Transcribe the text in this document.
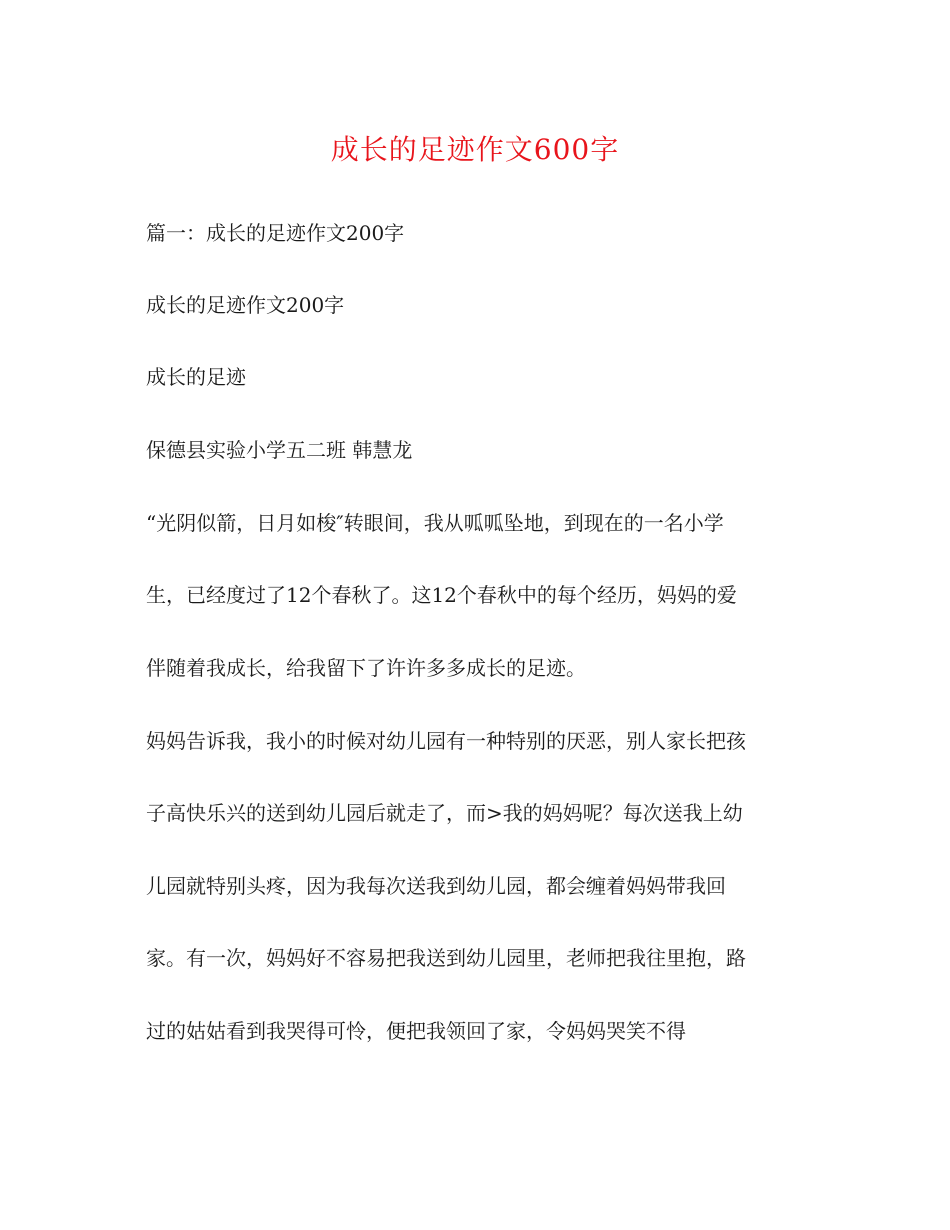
成长的足迹作文600字
篇一：成长的足迹作文200字
成长的足迹作文200字
成长的足迹
保德县实验小学五二班 韩慧龙
“光阴似箭，日月如梭″转眼间，我从呱呱坠地，到现在的一名小学
生，已经度过了12个春秋了。这12个春秋中的每个经历，妈妈的爱
伴随着我成长，给我留下了许许多多成长的足迹。
妈妈告诉我，我小的时候对幼儿园有一种特别的厌恶，别人家长把孩
子高快乐兴的送到幼儿园后就走了，而>我的妈妈呢？每次送我上幼
儿园就特别头疼，因为我每次送我到幼儿园，都会缠着妈妈带我回
家。有一次，妈妈好不容易把我送到幼儿园里，老师把我往里抱，路
过的姑姑看到我哭得可怜，便把我领回了家，令妈妈哭笑不得
